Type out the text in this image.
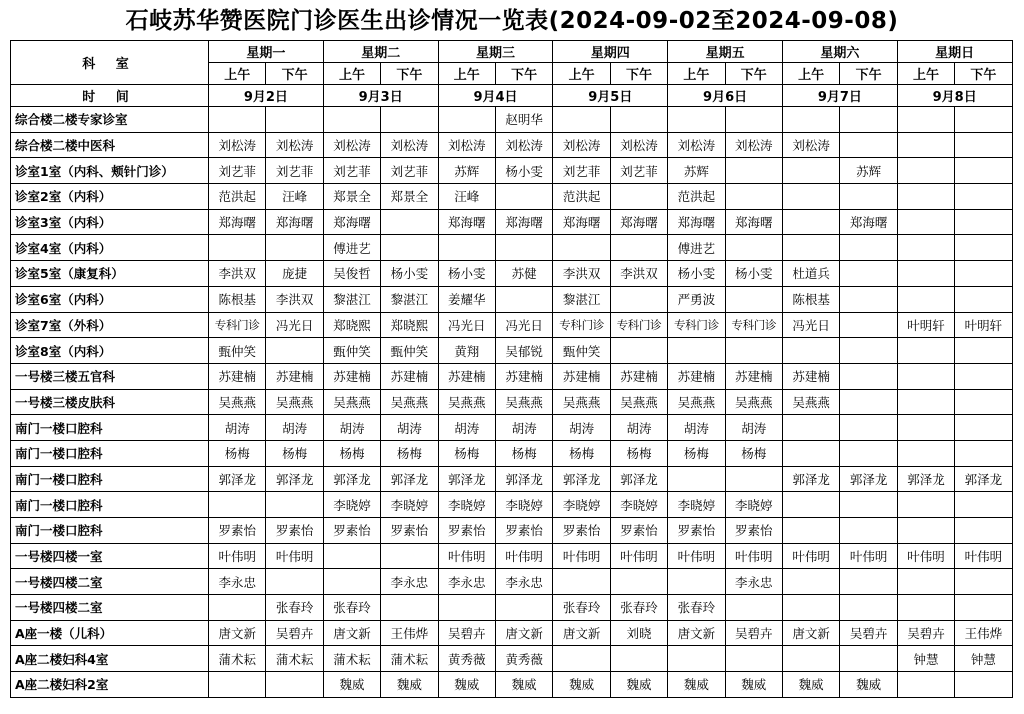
石岐苏华赞医院门诊医生出诊情况一览表(2024-09-02至2024-09-08)
科 室	星期一		星期二		星期三		星期四		星期五		星期六		星期日	
	上午	下午	上午	下午	上午	下午	上午	下午	上午	下午	上午	下午	上午	下午
时 间	9月2日		9月3日		9月4日		9月5日		9月6日		9月7日		9月8日	
综合楼二楼专家诊室						赵明华								
综合楼二楼中医科	刘松涛	刘松涛	刘松涛	刘松涛	刘松涛	刘松涛	刘松涛	刘松涛	刘松涛	刘松涛	刘松涛			
诊室1室（内科、颊针门诊）	刘艺菲	刘艺菲	刘艺菲	刘艺菲	苏辉	杨小雯	刘艺菲	刘艺菲	苏辉			苏辉		
诊室2室（内科）	范洪起	汪峰	郑景全	郑景全	汪峰		范洪起		范洪起					
诊室3室（内科）	郑海曙	郑海曙	郑海曙		郑海曙	郑海曙	郑海曙	郑海曙	郑海曙	郑海曙		郑海曙		
诊室4室（内科）			傅进艺						傅进艺					
诊室5室（康复科）	李洪双	庞捷	吴俊哲	杨小雯	杨小雯	苏健	李洪双	李洪双	杨小雯	杨小雯	杜道兵			
诊室6室（内科）	陈根基	李洪双	黎湛江	黎湛江	姜耀华		黎湛江		严勇波		陈根基			
诊室7室（外科）	专科门诊	冯光日	郑晓熙	郑晓熙	冯光日	冯光日	专科门诊	专科门诊	专科门诊	专科门诊	冯光日		叶明轩	叶明轩
诊室8室（内科）	甄仲笑		甄仲笑	甄仲笑	黄翔	吴郁锐	甄仲笑							
一号楼三楼五官科	苏建楠	苏建楠	苏建楠	苏建楠	苏建楠	苏建楠	苏建楠	苏建楠	苏建楠	苏建楠	苏建楠			
一号楼三楼皮肤科	吴燕燕	吴燕燕	吴燕燕	吴燕燕	吴燕燕	吴燕燕	吴燕燕	吴燕燕	吴燕燕	吴燕燕	吴燕燕			
南门一楼口腔科	胡涛	胡涛	胡涛	胡涛	胡涛	胡涛	胡涛	胡涛	胡涛	胡涛				
南门一楼口腔科	杨梅	杨梅	杨梅	杨梅	杨梅	杨梅	杨梅	杨梅	杨梅	杨梅				
南门一楼口腔科	郭泽龙	郭泽龙	郭泽龙	郭泽龙	郭泽龙	郭泽龙	郭泽龙	郭泽龙			郭泽龙	郭泽龙	郭泽龙	郭泽龙
南门一楼口腔科			李晓婷	李晓婷	李晓婷	李晓婷	李晓婷	李晓婷	李晓婷	李晓婷				
南门一楼口腔科	罗素怡	罗素怡	罗素怡	罗素怡	罗素怡	罗素怡	罗素怡	罗素怡	罗素怡	罗素怡				
一号楼四楼一室	叶伟明	叶伟明			叶伟明	叶伟明	叶伟明	叶伟明	叶伟明	叶伟明	叶伟明	叶伟明	叶伟明	叶伟明
一号楼四楼二室	李永忠			李永忠	李永忠	李永忠				李永忠				
一号楼四楼二室		张春玲	张春玲				张春玲	张春玲	张春玲					
A座一楼（儿科）	唐文新	吴碧卉	唐文新	王伟烨	吴碧卉	唐文新	唐文新	刘晓	唐文新	吴碧卉	唐文新	吴碧卉	吴碧卉	王伟烨
A座二楼妇科4室	蒲术耘	蒲术耘	蒲术耘	蒲术耘	黄秀薇	黄秀薇							钟慧	钟慧
A座二楼妇科2室			魏威	魏威	魏威	魏威	魏威	魏威	魏威	魏威	魏威	魏威		
